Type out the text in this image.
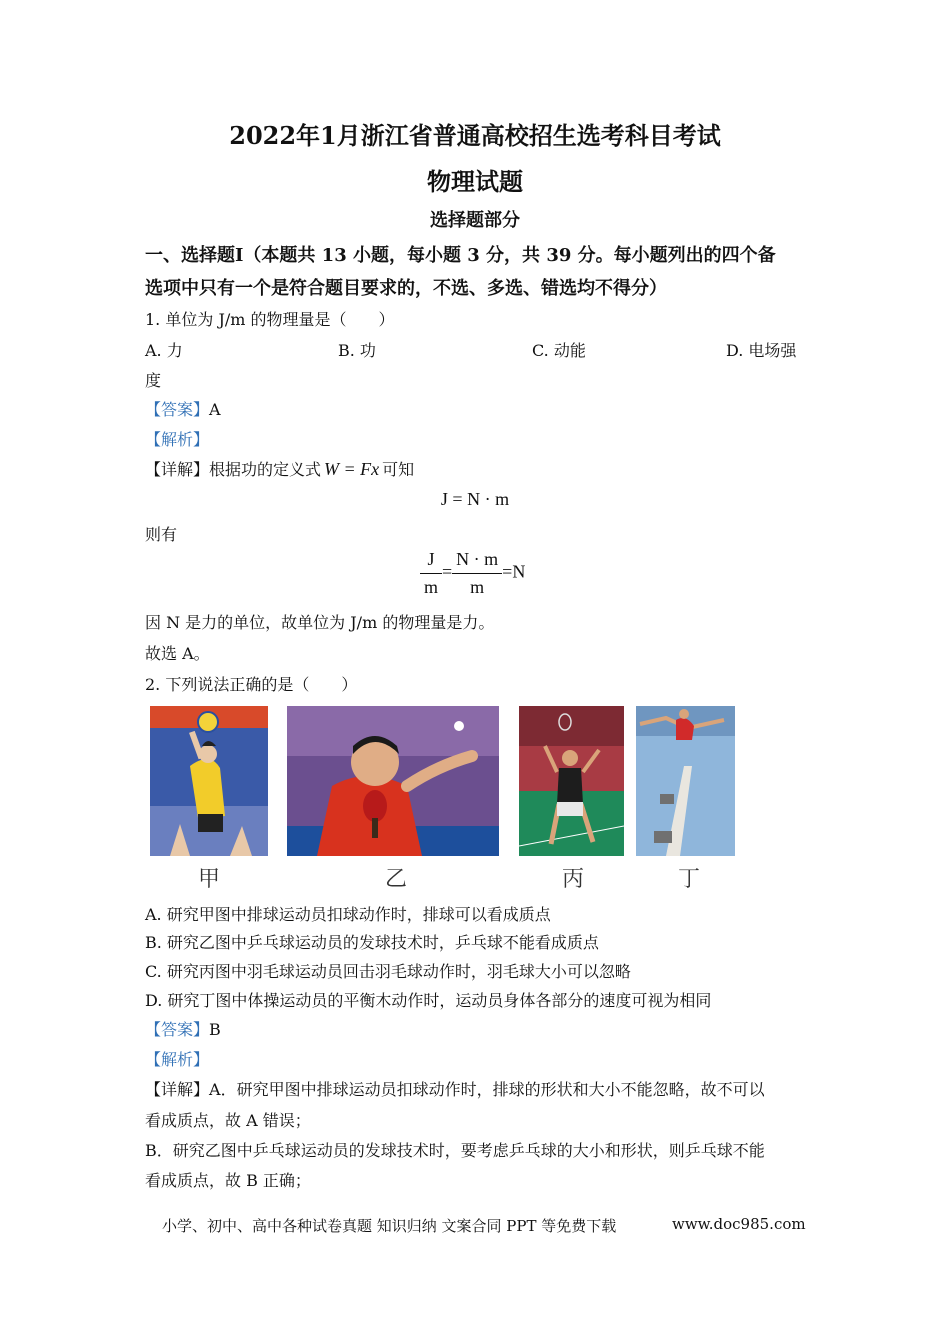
2022年1月浙江省普通高校招生选考科目考试
物理试题
选择题部分
一、选择题Ⅰ（本题共 13 小题，每小题 3 分，共 39 分。每小题列出的四个备
选项中只有一个是符合题目要求的，不选、多选、错选均不得分）
1. 单位为 J/m 的物理量是（　　）
A. 力	B. 功	C. 动能	D. 电场强
度
【答案】A
【解析】
【详解】根据功的定义式 W = Fx 可知
J = N · m
则有
$\frac{J}{m} = \frac{N \cdot m}{m} =N$
因 N 是力的单位，故单位为 J/m 的物理量是力。
故选 A。
2. 下列说法正确的是（　　）
甲	乙	丙	丁
A. 研究甲图中排球运动员扣球动作时，排球可以看成质点
B. 研究乙图中乒乓球运动员的发球技术时，乒乓球不能看成质点
C. 研究丙图中羽毛球运动员回击羽毛球动作时，羽毛球大小可以忽略
D. 研究丁图中体操运动员的平衡木动作时，运动员身体各部分的速度可视为相同
【答案】B
【解析】
【详解】A．研究甲图中排球运动员扣球动作时，排球的形状和大小不能忽略，故不可以
看成质点，故 A 错误；
B．研究乙图中乒乓球运动员的发球技术时，要考虑乒乓球的大小和形状，则乒乓球不能
看成质点，故 B 正确；
小学、初中、高中各种试卷真题 知识归纳 文案合同 PPT 等免费下载	www.doc985.com
